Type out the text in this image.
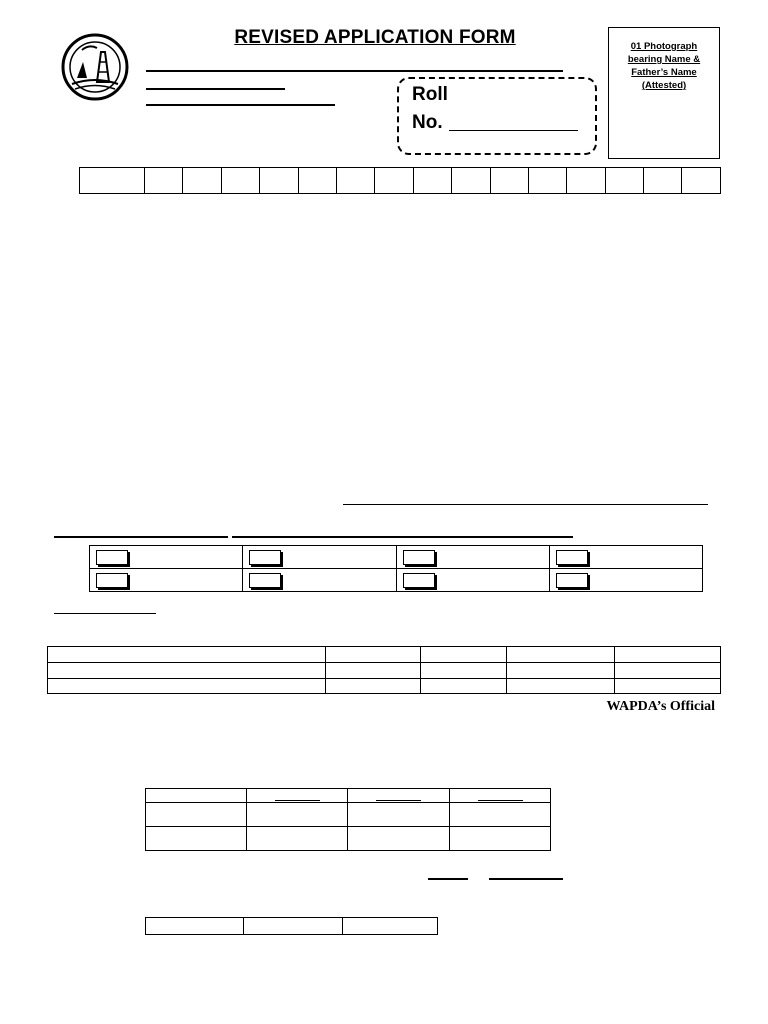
REVISED APPLICATION FORM
Roll
No.
01 Photograph
bearing Name &
Father’s Name
(Attested)

WAPDA’s Official
